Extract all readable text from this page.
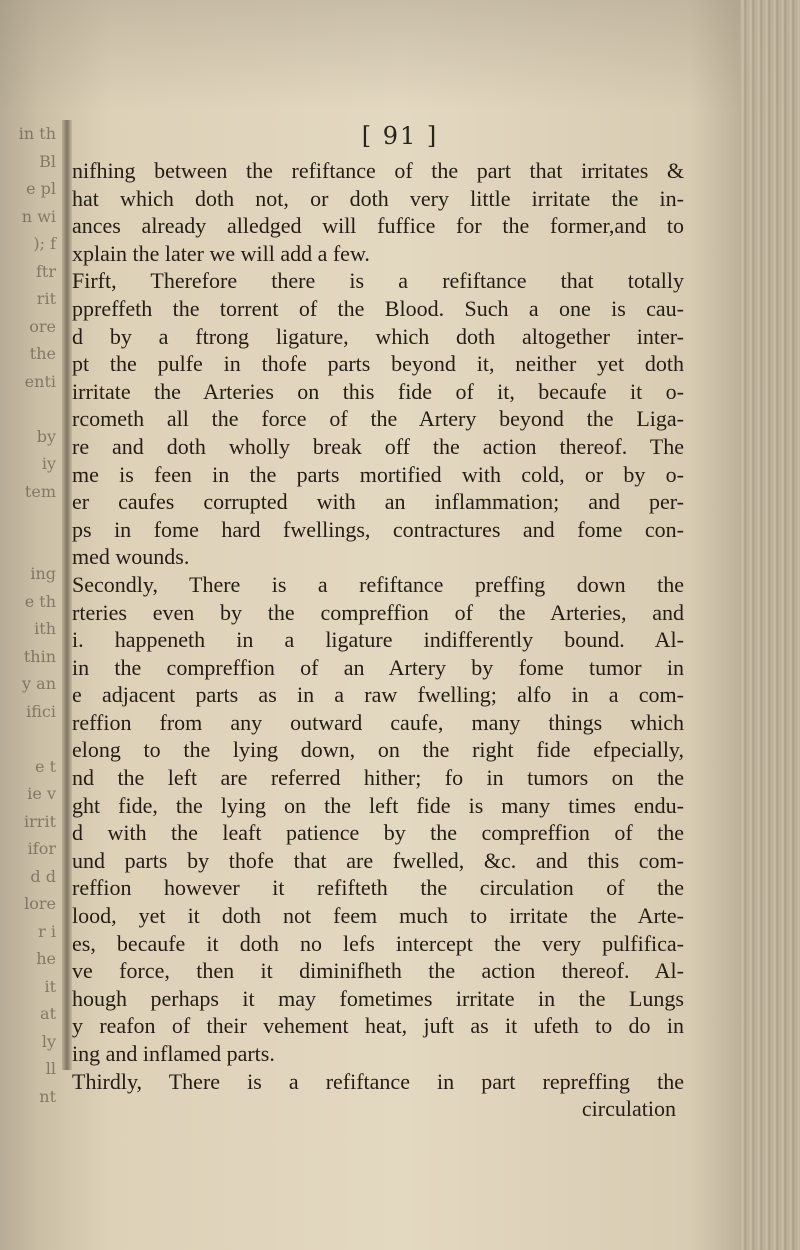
in th
Bl
e pl
n wi
); f
ftr
rit
ore
the
enti
by
iy
tem
ing
e th
ith
thin
y an
ifici
e t
ie v
irrit
ifor
d d
lore
r i
he
it
at
ly
ll
nt
[ 91 ]
nifhing between the refiftance of the part that irritates &
hat which doth not, or doth very little irritate the in-
ances already alledged will fuffice for the former,and to
xplain the later we will add a few.
Firft, Therefore there is a refiftance that totally
ppreffeth the torrent of the Blood. Such a one is cau-
d by a ftrong ligature, which doth altogether inter-
pt the pulfe in thofe parts beyond it, neither yet doth
irritate the Arteries on this fide of it, becaufe it o-
rcometh all the force of the Artery beyond the Liga-
re and doth wholly break off the action thereof. The
me is feen in the parts mortified with cold, or by o-
er caufes corrupted with an inflammation; and per-
ps in fome hard fwellings, contractures and fome con-
med wounds.
Secondly, There is a refiftance preffing down the
rteries even by the compreffion of the Arteries, and
i. happeneth in a ligature indifferently bound. Al-
in the compreffion of an Artery by fome tumor in
e adjacent parts as in a raw fwelling; alfo in a com-
reffion from any outward caufe, many things which
elong to the lying down, on the right fide efpecially,
nd the left are referred hither; fo in tumors on the
ght fide, the lying on the left fide is many times endu-
d with the leaft patience by the compreffion of the
und parts by thofe that are fwelled, &c. and this com-
reffion however it refifteth the circulation of the
lood, yet it doth not feem much to irritate the Arte-
es, becaufe it doth no lefs intercept the very pulfifica-
ve force, then it diminifheth the action thereof. Al-
hough perhaps it may fometimes irritate in the Lungs
y reafon of their vehement heat, juft as it ufeth to do in
ing and inflamed parts.
Thirdly, There is a refiftance in part repreffing the
circulation
